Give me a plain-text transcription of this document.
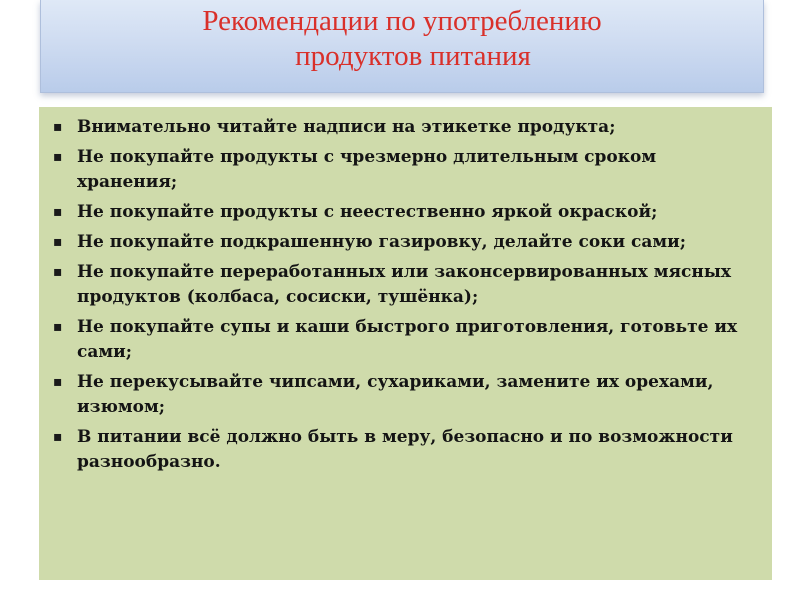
Рекомендации по употреблению
продуктов питания
▪ Внимательно читайте надписи на этикетке продукта;
▪ Не покупайте продукты с чрезмерно длительным сроком хранения;
▪ Не покупайте продукты с неестественно яркой окраской;
▪ Не покупайте подкрашенную газировку, делайте соки сами;
▪ Не покупайте переработанных или законсервированных мясных продуктов (колбаса, сосиски, тушёнка);
▪ Не покупайте супы и каши быстрого приготовления, готовьте их сами;
▪ Не перекусывайте чипсами, сухариками, замените их орехами, изюмом;
▪ В питании всё должно быть в меру, безопасно и по возможности разнообразно.
